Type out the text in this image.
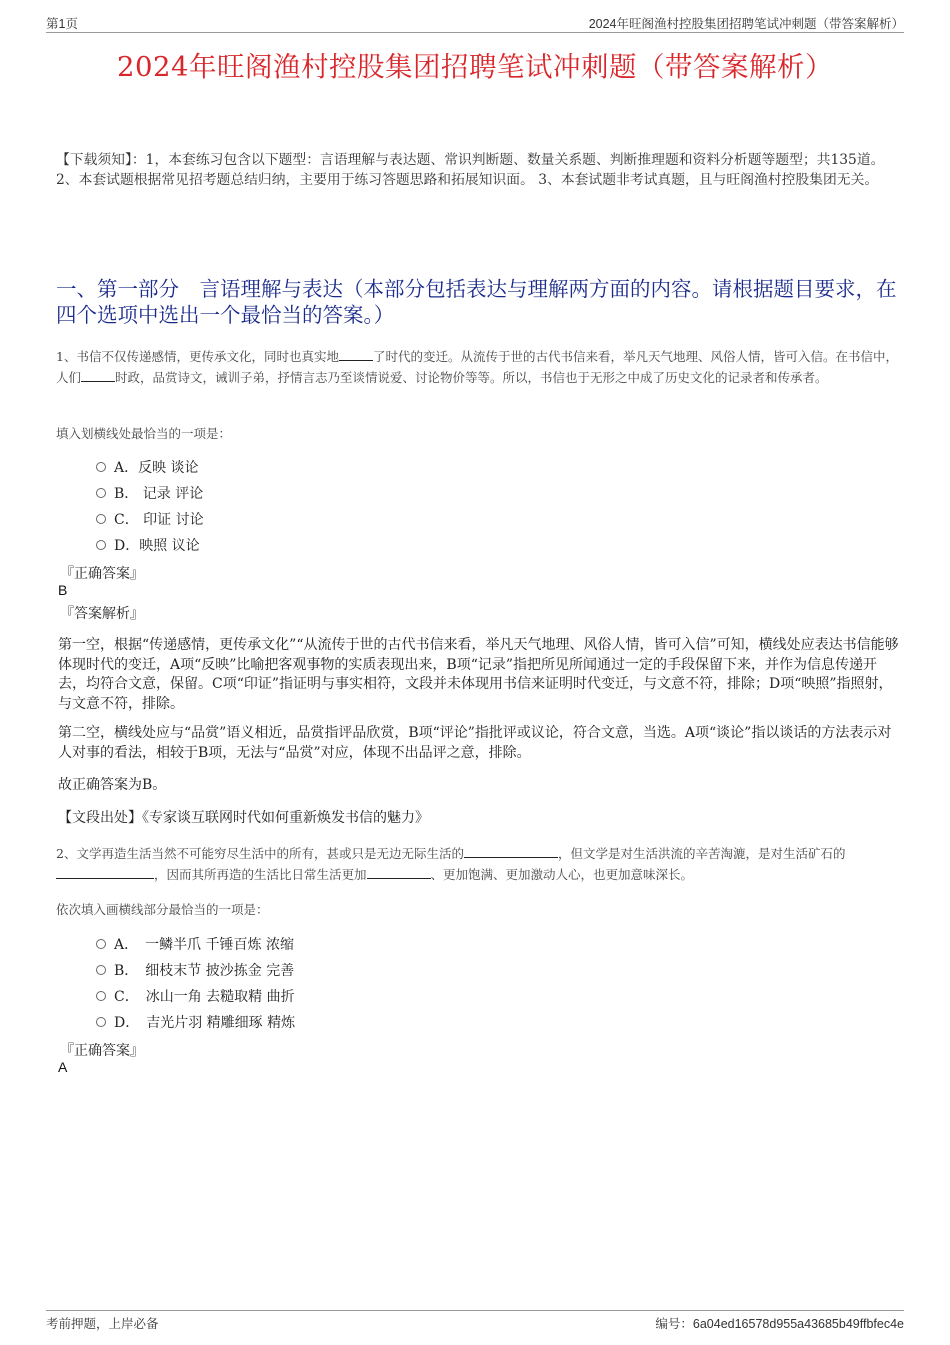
第1页	2024年旺阁渔村控股集团招聘笔试冲刺题（带答案解析）
2024年旺阁渔村控股集团招聘笔试冲刺题（带答案解析）
【下载须知】：1，本套练习包含以下题型：言语理解与表达题、常识判断题、数量关系题、判断推理题和资料分析题等题型；共135道。 2、本套试题根据常见招考题总结归纳，主要用于练习答题思路和拓展知识面。 3、本套试题非考试真题，且与旺阁渔村控股集团无关。
一、第一部分　言语理解与表达（本部分包括表达与理解两方面的内容。请根据题目要求，在四个选项中选出一个最恰当的答案。）
1、书信不仅传递感情，更传承文化，同时也真实地	了时代的变迁。从流传于世的古代书信来看，举凡天气地理、风俗人情，皆可入信。在书信中，人们	时政，品赏诗文，诫训子弟，抒情言志乃至谈情说爱、讨论物价等等。所以，书信也于无形之中成了历史文化的记录者和传承者。
填入划横线处最恰当的一项是：
A．反映 谈论
B． 记录 评论
C． 印证 讨论
D．映照 议论
『正确答案』
B
『答案解析』
第一空，根据“传递感情，更传承文化”“从流传于世的古代书信来看，举凡天气地理、风俗人情，皆可入信”可知，横线处应表达书信能够体现时代的变迁，A项“反映”比喻把客观事物的实质表现出来，B项“记录”指把所见所闻通过一定的手段保留下来，并作为信息传递开去，均符合文意，保留。C项“印证”指证明与事实相符，文段并未体现用书信来证明时代变迁，与文意不符，排除；D项“映照”指照射，与文意不符，排除。
第二空，横线处应与“品赏”语义相近，品赏指评品欣赏，B项“评论”指批评或议论，符合文意，当选。A项“谈论”指以谈话的方法表示对人对事的看法，相较于B项，无法与“品赏”对应，体现不出品评之意，排除。
故正确答案为B。
【文段出处】《专家谈互联网时代如何重新焕发书信的魅力》
2、文学再造生活当然不可能穷尽生活中的所有，甚或只是无边无际生活的	，但文学是对生活洪流的辛苦淘漉，是对生活矿石的，因而其所再造的生活比日常生活更加	、更加饱满、更加激动人心，也更加意味深长。
依次填入画横线部分最恰当的一项是：
A．　一鳞半爪 千锤百炼 浓缩
B．　细枝末节 披沙拣金 完善
C．　冰山一角 去糙取精 曲折
D．　吉光片羽 精雕细琢 精炼
『正确答案』
A
考前押题，上岸必备	编号：6a04ed16578d955a43685b49ffbfec4e
